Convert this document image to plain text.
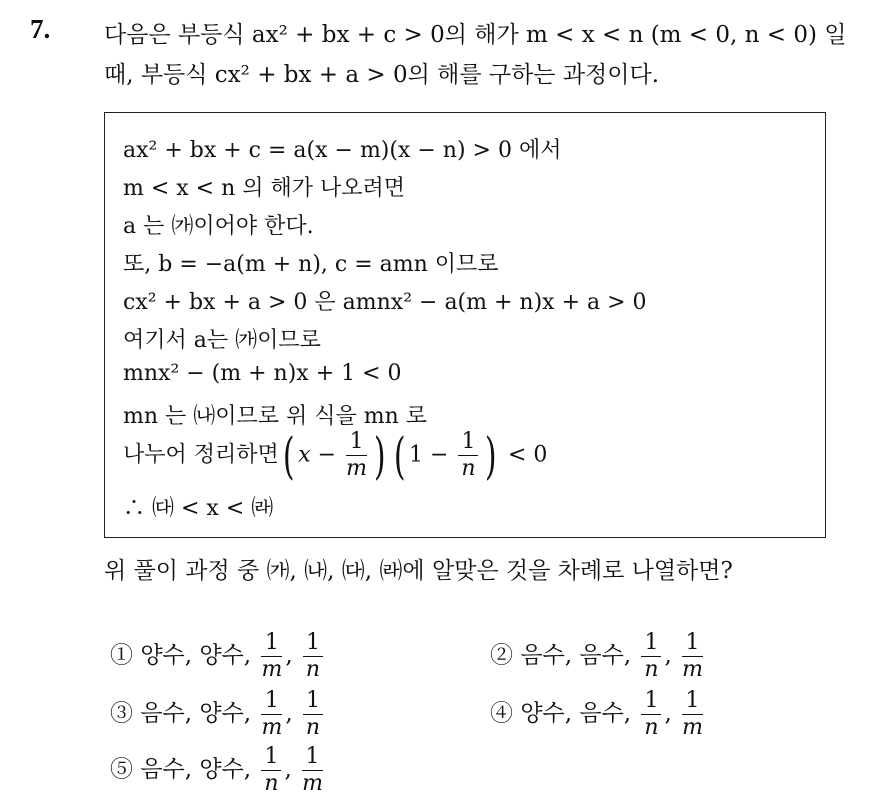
7. 다음은 부등식 ax² + bx + c > 0의 해가 m < x < n (m < 0, n < 0) 일
때, 부등식 cx² + bx + a > 0의 해를 구하는 과정이다.
ax² + bx + c = a(x − m)(x − n) > 0 에서
m < x < n 의 해가 나오려면
a 는 ㈎이어야 한다.
또, b = −a(m + n), c = amn 이므로
cx² + bx + a > 0 은 amnx² − a(m + n)x + a > 0
여기서 a는 ㈎이므로
mnx² − (m + n)x + 1 < 0
mn 는 ㈏이므로 위 식을 mn 로
나누어 정리하면( $x - \frac{1}{m}$ ) ( $1 - \frac{1}{n}$ ) < 0
∴ ㈐ < x < ㈑
위 풀이 과정 중 ㈎, ㈏, ㈐, ㈑에 알맞은 것을 차례로 나열하면?
① 양수, 양수, $\frac{1}{m}$ , $\frac{1}{n}$	② 음수, 음수, $\frac{1}{n}$ , $\frac{1}{m}$
③ 음수, 양수, $\frac{1}{m}$ , $\frac{1}{n}$	④ 양수, 음수, $\frac{1}{n}$ , $\frac{1}{m}$
⑤ 음수, 양수, $\frac{1}{n}$ , $\frac{1}{m}$
